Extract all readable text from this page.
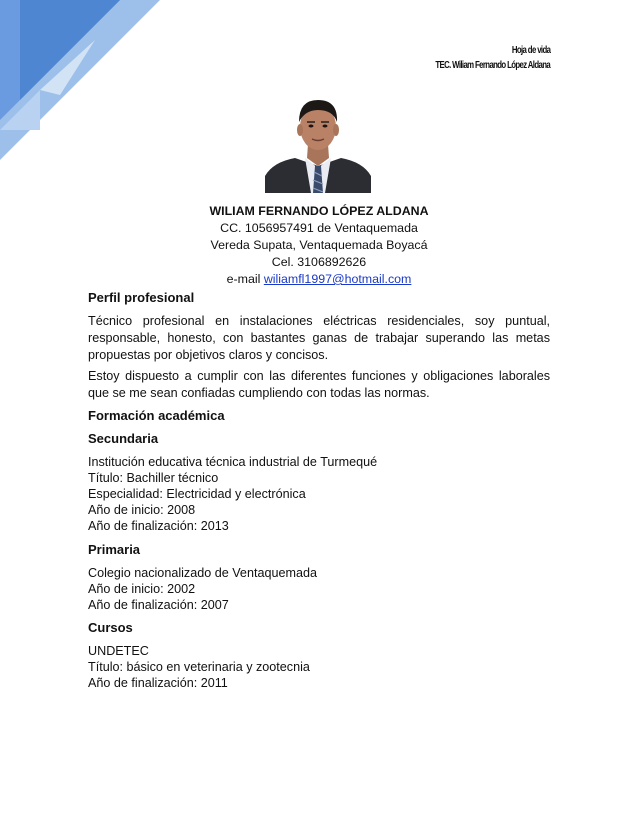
Hoja de vida
TEC. Wiliam Fernando López Aldana
WILIAM FERNANDO LÓPEZ ALDANA
CC. 1056957491 de Ventaquemada
Vereda Supata, Ventaquemada Boyacá
Cel. 3106892626
e-mail wiliamfl1997@hotmail.com
Perfil profesional
Técnico profesional en instalaciones eléctricas residenciales, soy puntual, responsable, honesto, con bastantes ganas de trabajar superando las metas propuestas por objetivos claros y concisos.
Estoy dispuesto a cumplir con las diferentes funciones y obligaciones laborales que se me sean confiadas cumpliendo con todas las normas.
Formación académica
Secundaria
Institución educativa técnica industrial de Turmequé
Título: Bachiller técnico
Especialidad: Electricidad y electrónica
Año de inicio: 2008
Año de finalización: 2013
Primaria
Colegio nacionalizado de Ventaquemada
Año de inicio: 2002
Año de finalización: 2007
Cursos
UNDETEC
Título: básico en veterinaria y zootecnia
Año de finalización: 2011
